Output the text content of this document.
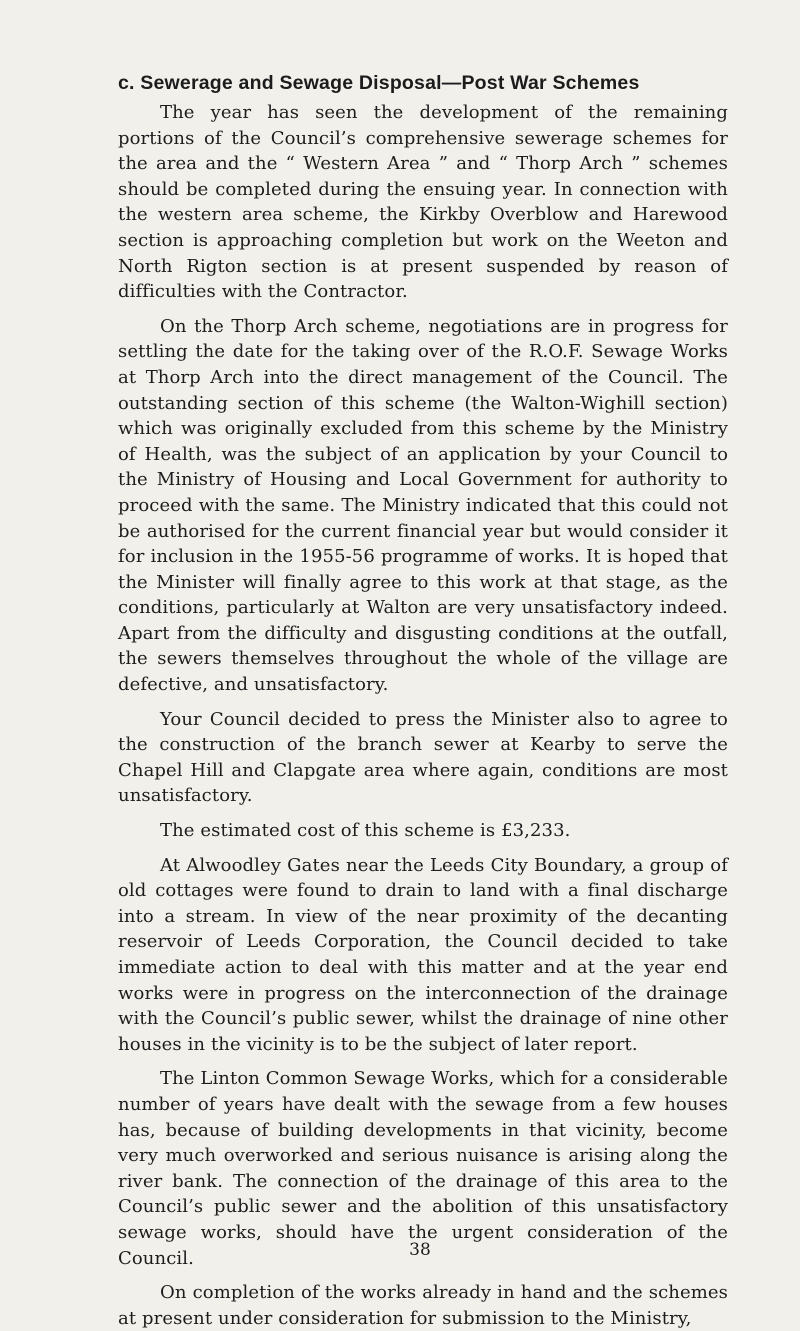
c. Sewerage and Sewage Disposal—Post War Schemes

The year has seen the development of the remaining portions of the Council’s comprehensive sewerage schemes for the area and the “ Western Area ” and “ Thorp Arch ” schemes should be completed during the ensuing year. In connection with the western area scheme, the Kirkby Overblow and Harewood section is approaching completion but work on the Weeton and North Rigton section is at present suspended by reason of difficulties with the Contractor.

On the Thorp Arch scheme, negotiations are in progress for settling the date for the taking over of the R.O.F. Sewage Works at Thorp Arch into the direct management of the Council. The outstanding section of this scheme (the Walton-Wighill section) which was originally excluded from this scheme by the Ministry of Health, was the subject of an application by your Council to the Ministry of Housing and Local Government for authority to proceed with the same. The Ministry indicated that this could not be authorised for the current financial year but would consider it for inclusion in the 1955-56 programme of works. It is hoped that the Minister will finally agree to this work at that stage, as the conditions, particularly at Walton are very unsatisfactory indeed. Apart from the difficulty and disgusting conditions at the outfall, the sewers themselves throughout the whole of the village are defective, and unsatisfactory.

Your Council decided to press the Minister also to agree to the construction of the branch sewer at Kearby to serve the Chapel Hill and Clapgate area where again, conditions are most unsatisfactory.

The estimated cost of this scheme is £3,233.

At Alwoodley Gates near the Leeds City Boundary, a group of old cottages were found to drain to land with a final discharge into a stream. In view of the near proximity of the decanting reservoir of Leeds Corporation, the Council decided to take immediate action to deal with this matter and at the year end works were in progress on the interconnection of the drainage with the Council’s public sewer, whilst the drainage of nine other houses in the vicinity is to be the subject of later report.

The Linton Common Sewage Works, which for a considerable number of years have dealt with the sewage from a few houses has, because of building developments in that vicinity, become very much overworked and serious nuisance is arising along the river bank. The connection of the drainage of this area to the Council’s public sewer and the abolition of this unsatisfactory sewage works, should have the urgent consideration of the Council.

On completion of the works already in hand and the schemes at present under consideration for submission to the Ministry,

38
